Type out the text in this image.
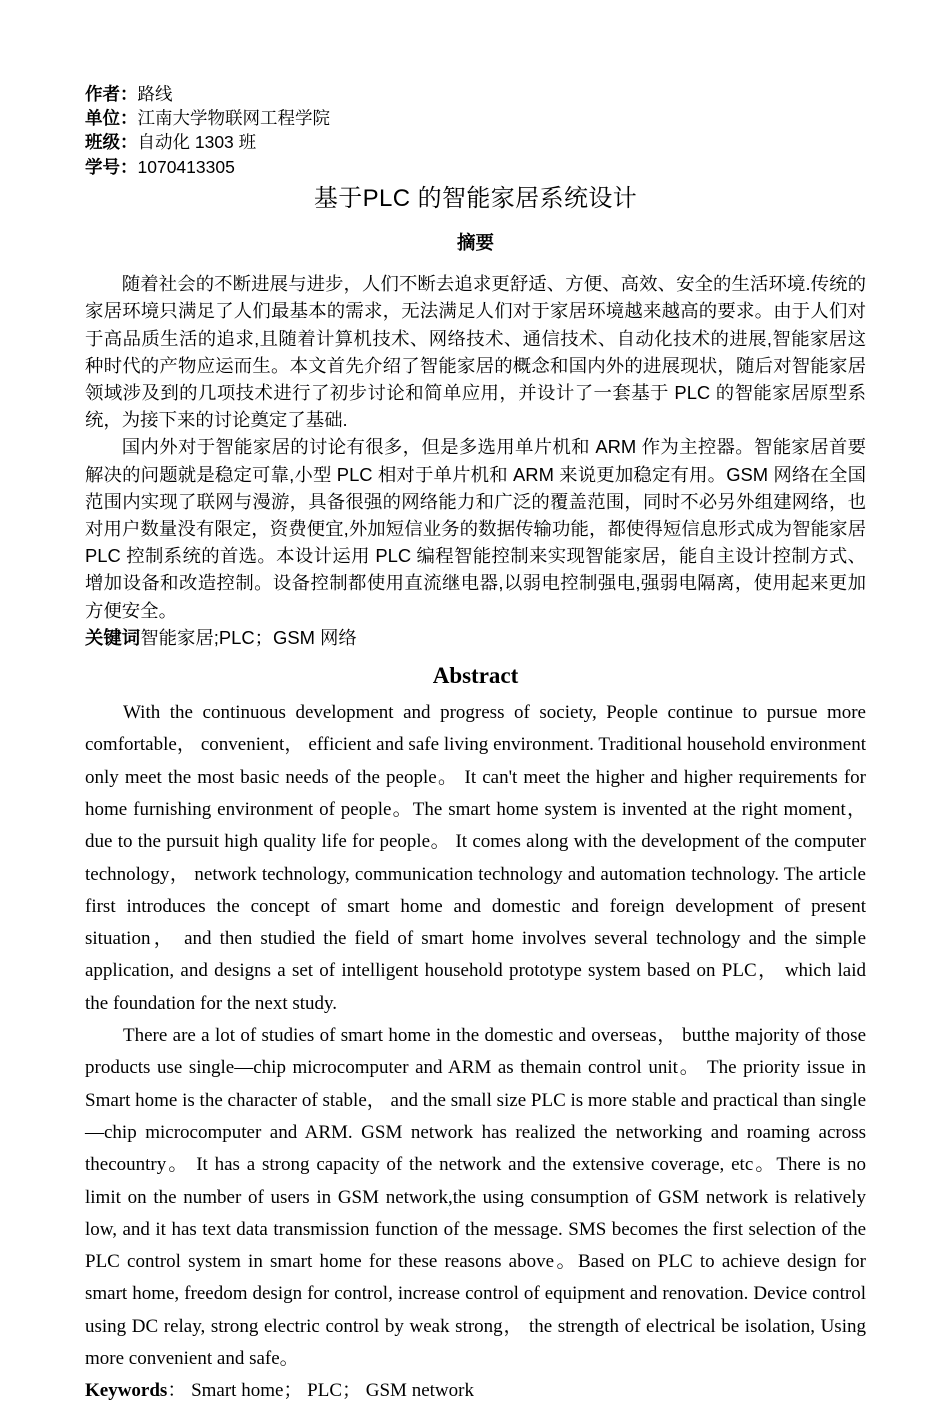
作者：路线
单位：江南大学物联网工程学院
班级：自动化 1303 班
学号：1070413305
基于PLC 的智能家居系统设计
摘要

随着社会的不断进展与进步，人们不断去追求更舒适、方便、高效、安全的生活环境.传统的家居环境只满足了人们最基本的需求，无法满足人们对于家居环境越来越高的要求。由于人们对于高品质生活的追求,且随着计算机技术、网络技术、通信技术、自动化技术的进展,智能家居这种时代的产物应运而生。本文首先介绍了智能家居的概念和国内外的进展现状，随后对智能家居领域涉及到的几项技术进行了初步讨论和简单应用，并设计了一套基于 PLC 的智能家居原型系统，为接下来的讨论奠定了基础.

国内外对于智能家居的讨论有很多，但是多选用单片机和 ARM 作为主控器。智能家居首要解决的问题就是稳定可靠,小型 PLC 相对于单片机和 ARM 来说更加稳定有用。GSM 网络在全国范围内实现了联网与漫游，具备很强的网络能力和广泛的覆盖范围，同时不必另外组建网络，也对用户数量没有限定，资费便宜,外加短信业务的数据传输功能，都使得短信息形式成为智能家居 PLC 控制系统的首选。本设计运用 PLC 编程智能控制来实现智能家居，能自主设计控制方式、增加设备和改造控制。设备控制都使用直流继电器,以弱电控制强电,强弱电隔离，使用起来更加方便安全。

关键词智能家居;PLC；GSM 网络

Abstract

With the continuous development and progress of society, People continue to pursue more comfortable， convenient， efficient and safe living environment. Traditional household environment only meet the most basic needs of the people。 It can't meet the higher and higher requirements for home furnishing environment of people。The smart home system is invented at the right moment， due to the pursuit high quality life for people。 It comes along with the development of the computer technology， network technology, communication technology and automation technology. The article first introduces the concept of smart home and domestic and foreign development of present situation， and then studied the field of smart home involves several technology and the simple application, and designs a set of intelligent household prototype system based on PLC， which laid the foundation for the next study.

There are a lot of studies of smart home in the domestic and overseas， butthe majority of those products use single—chip microcomputer and ARM as themain control unit。 The priority issue in Smart home is the character of stable， and the small size PLC is more stable and practical than single—chip microcomputer and ARM. GSM network has realized the networking and roaming across thecountry。 It has a strong capacity of the network and the extensive coverage, etc。There is no limit on the number of users in GSM network,the using consumption of GSM network is relatively low, and it has text data transmission function of the message. SMS becomes the first selection of the PLC control system in smart home for these reasons above。Based on PLC to achieve design for smart home, freedom design for control, increase control of equipment and renovation. Device control using DC relay, strong electric control by weak strong， the strength of electrical be isolation, Using more convenient and safe。

Keywords： Smart home； PLC； GSM network
